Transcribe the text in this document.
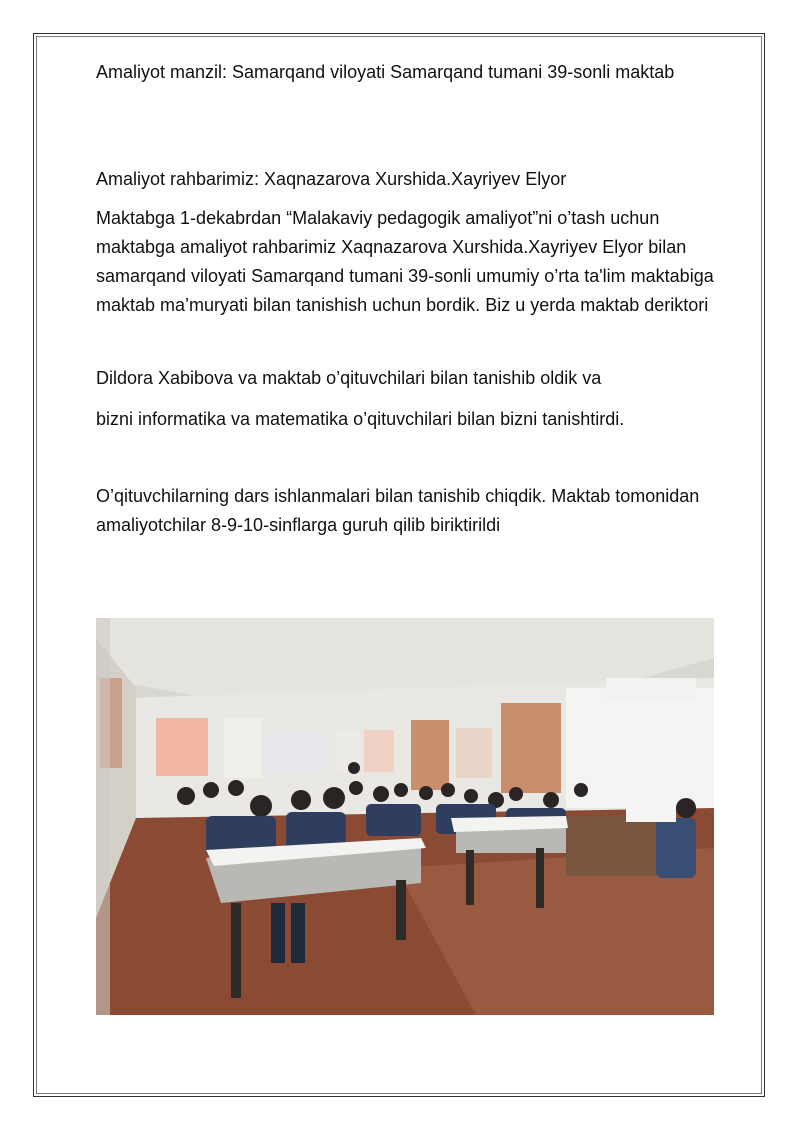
Amaliyot manzil: Samarqand viloyati Samarqand tumani 39-sonli maktab

Amaliyot rahbarimiz: Xaqnazarova Xurshida.Xayriyev Elyor

Maktabga 1-dekabrdan “Malakaviy pedagogik amaliyot”ni o’tash uchun maktabga amaliyot rahbarimiz Xaqnazarova Xurshida.Xayriyev Elyor bilan samarqand viloyati Samarqand tumani 39-sonli umumiy o’rta ta'lim maktabiga maktab ma’muryati bilan tanishish uchun bordik. Biz u yerda maktab deriktori

Dildora Xabibova va maktab o’qituvchilari bilan tanishib oldik va

bizni informatika va matematika o’qituvchilari bilan bizni tanishtirdi.

O’qituvchilarning dars ishlanmalari bilan tanishib chiqdik. Maktab tomonidan amaliyotchilar 8-9-10-sinflarga guruh qilib biriktirildi
